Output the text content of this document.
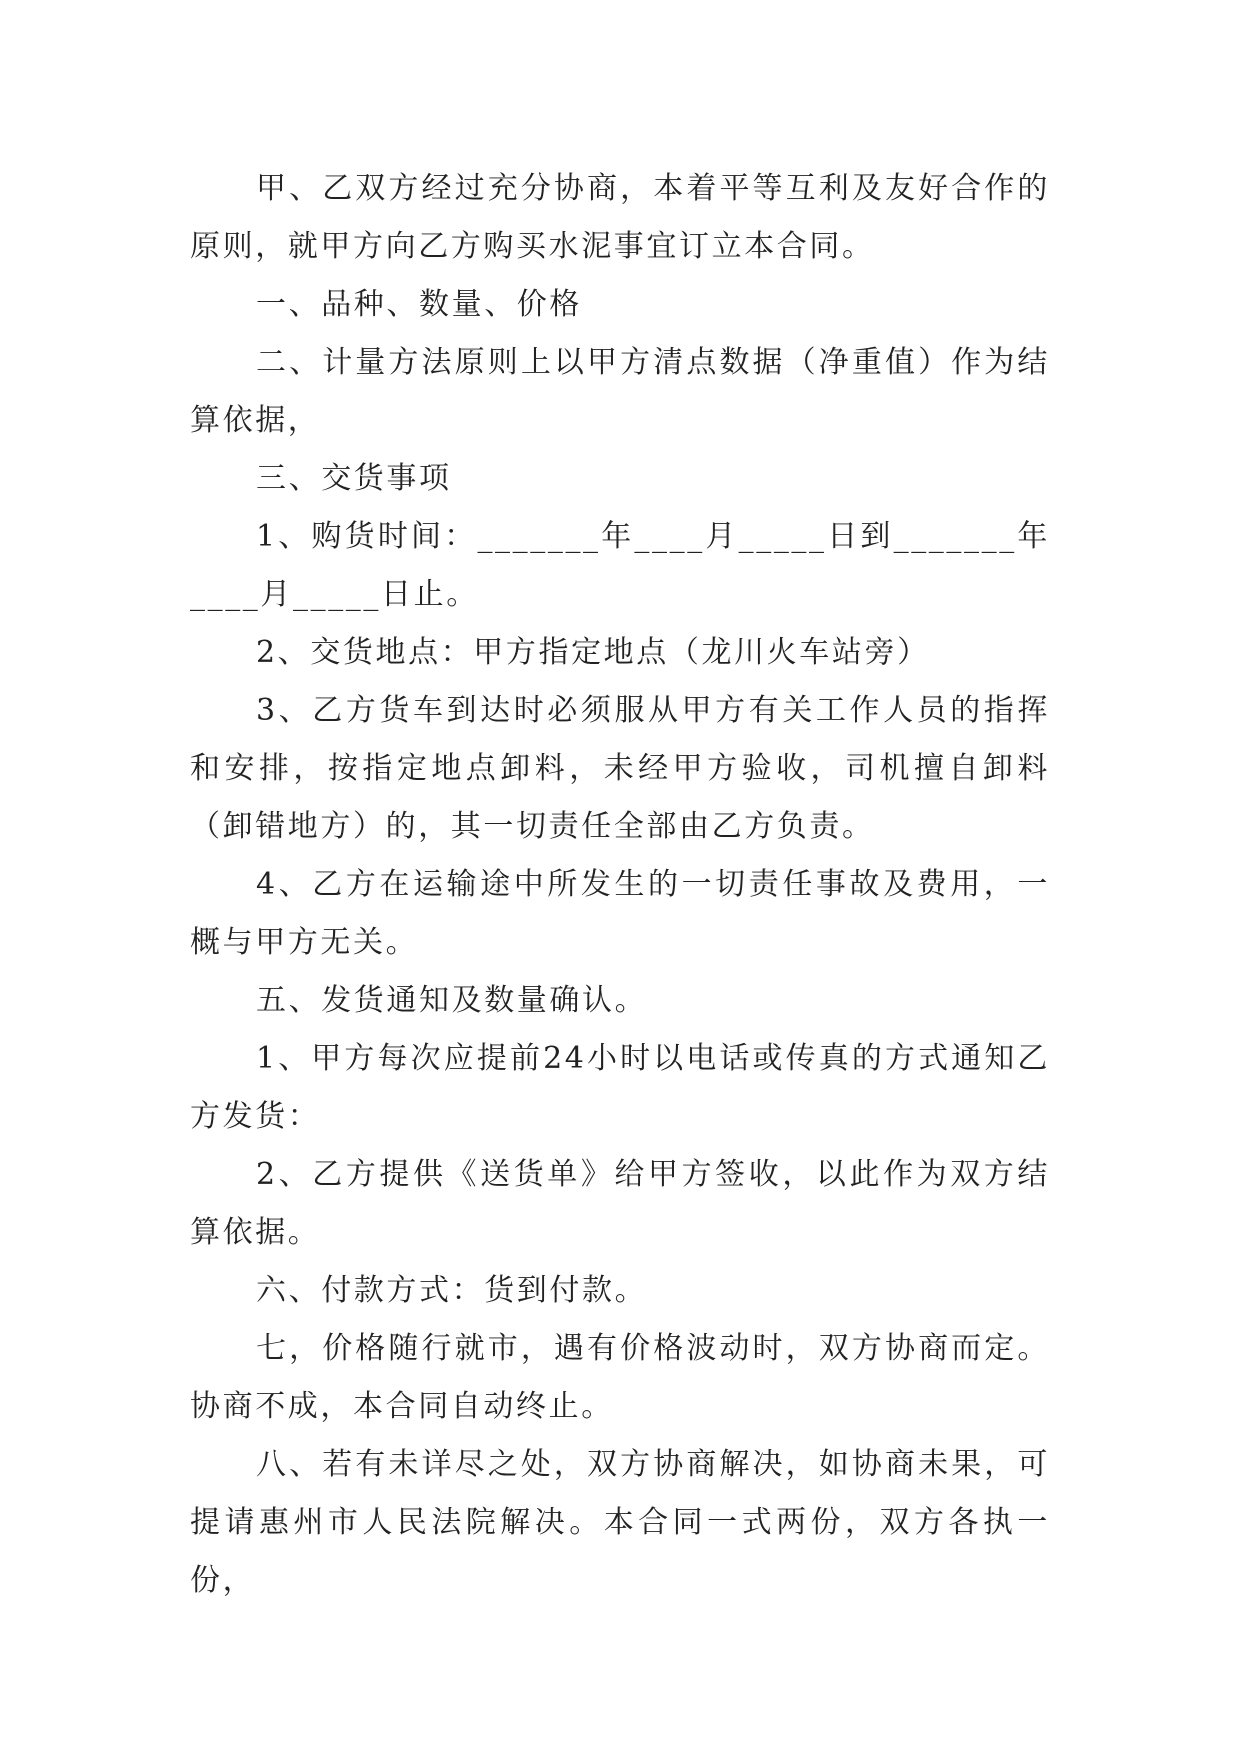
甲、乙双方经过充分协商，本着平等互利及友好合作的原则，就甲方向乙方购买水泥事宜订立本合同。

一、品种、数量、价格

二、计量方法原则上以甲方清点数据（净重值）作为结算依据，

三、交货事项

1、购货时间：_______年____月_____日到_______年____月_____日止。

2、交货地点：甲方指定地点（龙川火车站旁）

3、乙方货车到达时必须服从甲方有关工作人员的指挥和安排，按指定地点卸料，未经甲方验收，司机擅自卸料（卸错地方）的，其一切责任全部由乙方负责。

4、乙方在运输途中所发生的一切责任事故及费用，一概与甲方无关。

五、发货通知及数量确认。

1、甲方每次应提前24小时以电话或传真的方式通知乙方发货：

2、乙方提供《送货单》给甲方签收，以此作为双方结算依据。

六、付款方式：货到付款。

七，价格随行就市，遇有价格波动时，双方协商而定。协商不成，本合同自动终止。

八、若有未详尽之处，双方协商解决，如协商未果，可提请惠州市人民法院解决。本合同一式两份，双方各执一份，
